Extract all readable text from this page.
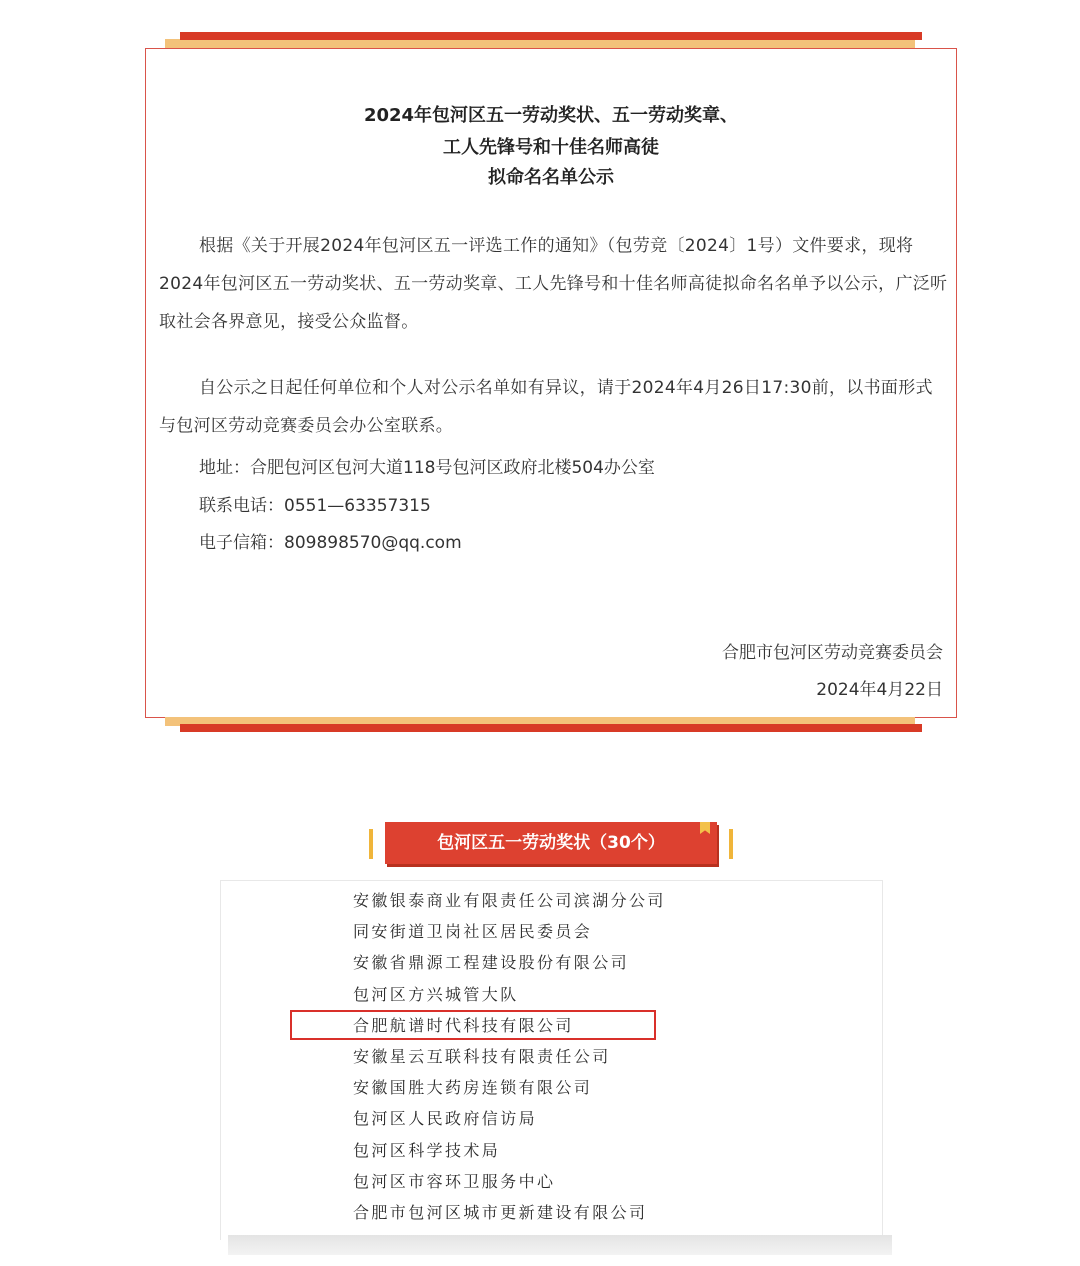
2024年包河区五一劳动奖状、五一劳动奖章、
工人先锋号和十佳名师高徒
拟命名名单公示
根据《关于开展2024年包河区五一评选工作的通知》（包劳竞〔2024〕1号）文件要求，现将2024年包河区五一劳动奖状、五一劳动奖章、工人先锋号和十佳名师高徒拟命名名单予以公示，广泛听取社会各界意见，接受公众监督。
自公示之日起任何单位和个人对公示名单如有异议，请于2024年4月26日17:30前，以书面形式与包河区劳动竞赛委员会办公室联系。
地址：合肥包河区包河大道118号包河区政府北楼504办公室
联系电话：0551—63357315
电子信箱：809898570@qq.com
合肥市包河区劳动竞赛委员会
2024年4月22日
包河区五一劳动奖状（30个）
安徽银泰商业有限责任公司滨湖分公司
同安街道卫岗社区居民委员会
安徽省鼎源工程建设股份有限公司
包河区方兴城管大队
合肥航谱时代科技有限公司
安徽星云互联科技有限责任公司
安徽国胜大药房连锁有限公司
包河区人民政府信访局
包河区科学技术局
包河区市容环卫服务中心
合肥市包河区城市更新建设有限公司
